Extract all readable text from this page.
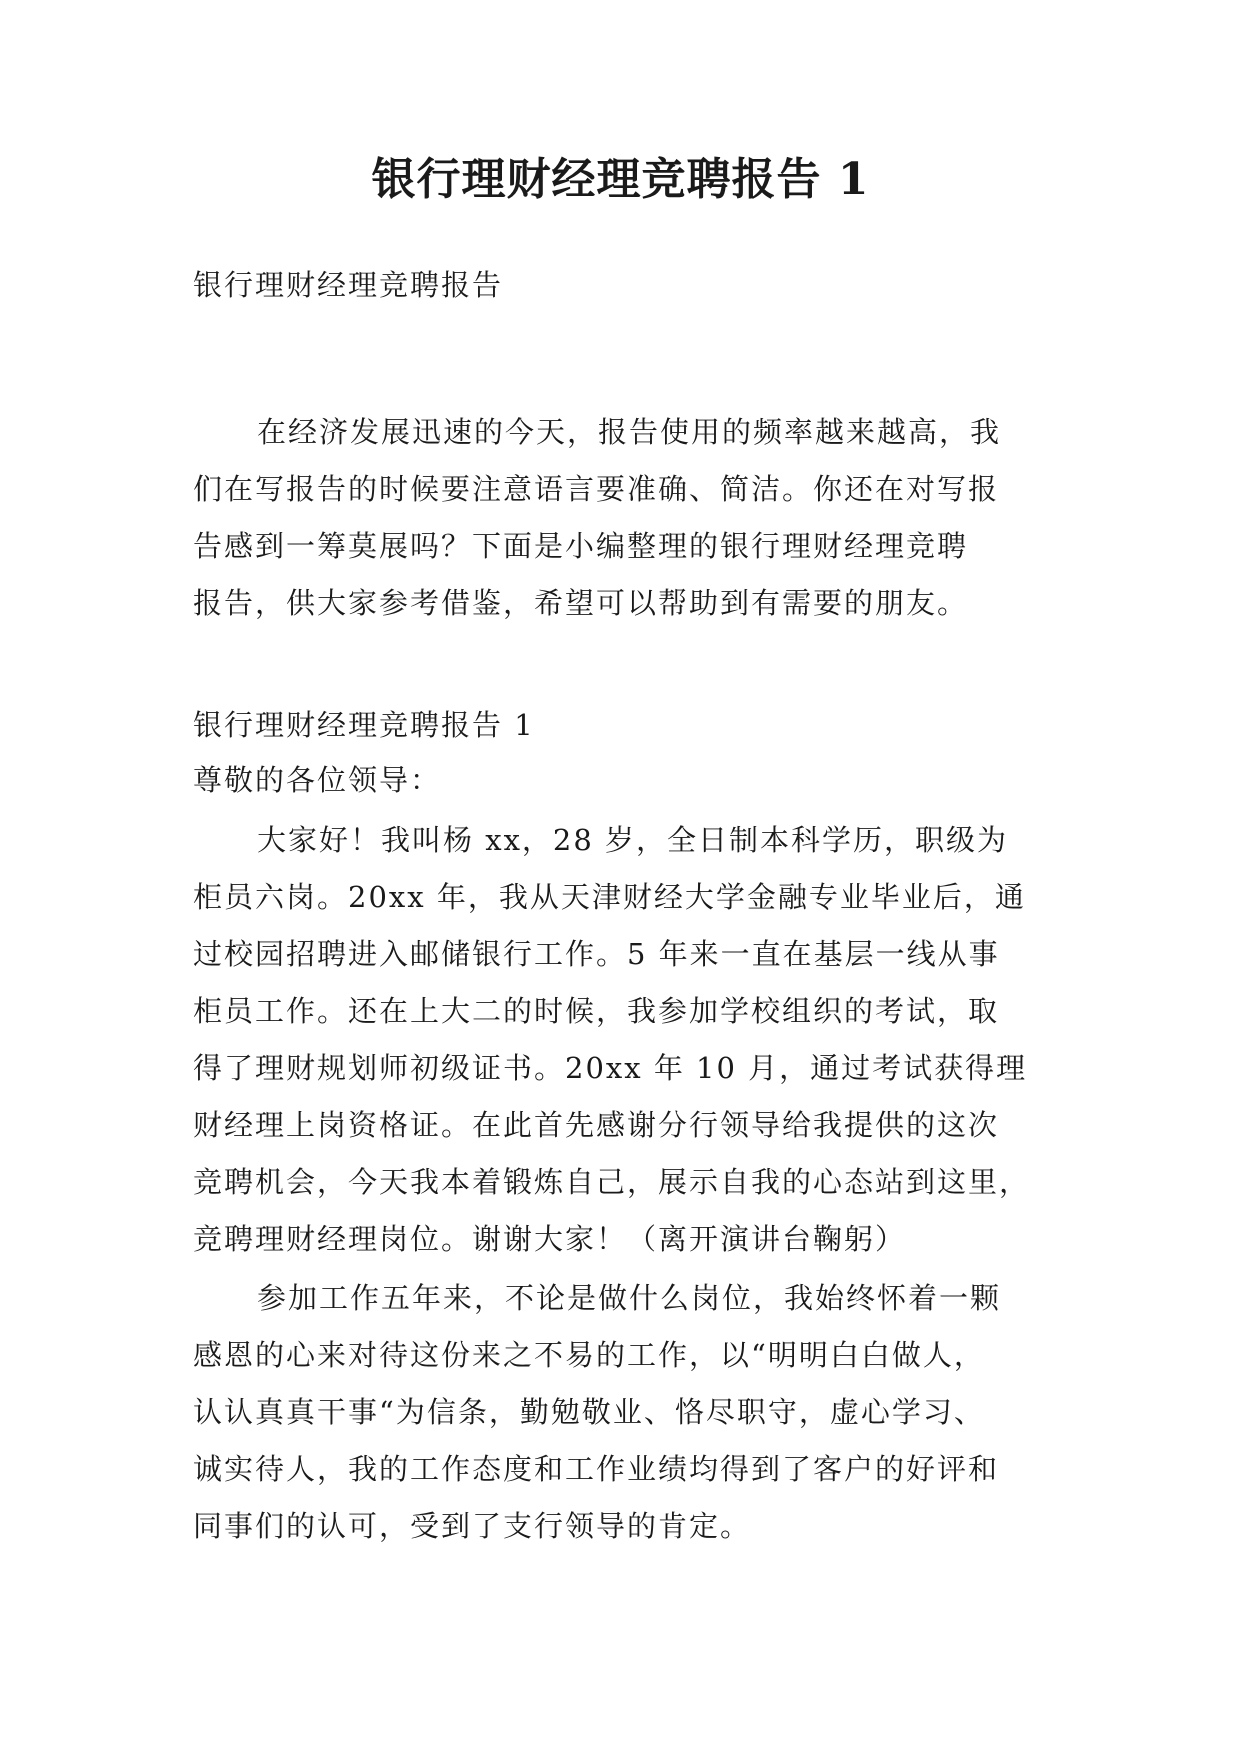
银行理财经理竞聘报告 1

银行理财经理竞聘报告

在经济发展迅速的今天，报告使用的频率越来越高，我
们在写报告的时候要注意语言要准确、简洁。你还在对写报
告感到一筹莫展吗？下面是小编整理的银行理财经理竞聘
报告，供大家参考借鉴，希望可以帮助到有需要的朋友。

银行理财经理竞聘报告 1

尊敬的各位领导：

大家好！我叫杨 xx，28 岁，全日制本科学历，职级为
柜员六岗。20xx 年，我从天津财经大学金融专业毕业后，通
过校园招聘进入邮储银行工作。5 年来一直在基层一线从事
柜员工作。还在上大二的时候，我参加学校组织的考试，取
得了理财规划师初级证书。20xx 年 10 月，通过考试获得理
财经理上岗资格证。在此首先感谢分行领导给我提供的这次
竞聘机会，今天我本着锻炼自己，展示自我的心态站到这里，
竞聘理财经理岗位。谢谢大家！（离开演讲台鞠躬）
参加工作五年来，不论是做什么岗位，我始终怀着一颗
感恩的心来对待这份来之不易的工作，以“明明白白做人，
认认真真干事“为信条，勤勉敬业、恪尽职守，虚心学习、
诚实待人，我的工作态度和工作业绩均得到了客户的好评和
同事们的认可，受到了支行领导的肯定。
